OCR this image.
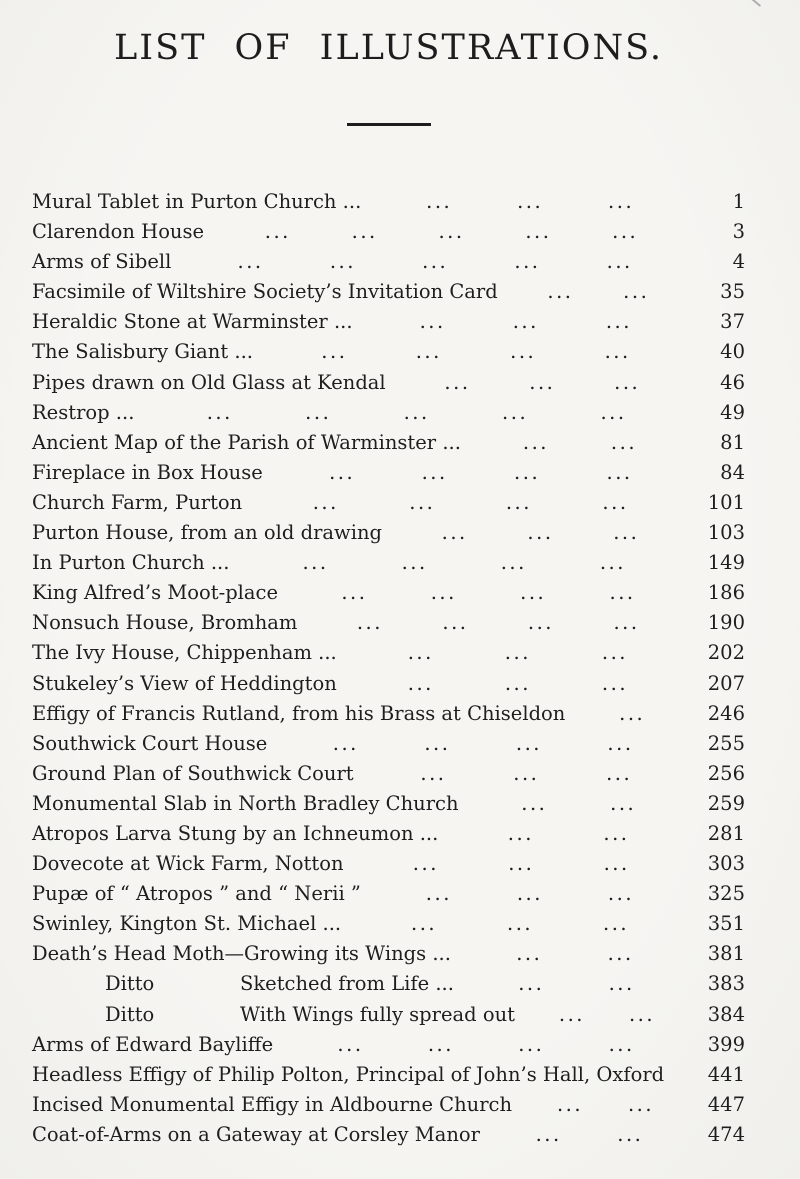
LIST OF ILLUSTRATIONS.
Mural Tablet in Purton Church ...	...	...	...	1
Clarendon House	...	...	...	...	...	3
Arms of Sibell	...	...	...	...	...	4
Facsimile of Wiltshire Society’s Invitation Card	...	...	35
Heraldic Stone at Warminster ...	...	...	...	37
The Salisbury Giant ...	...	...	...	...	40
Pipes drawn on Old Glass at Kendal	...	...	...	46
Restrop ...	...	...	...	...	...	49
Ancient Map of the Parish of Warminster ...	...	...	81
Fireplace in Box House	...	...	...	...	84
Church Farm, Purton	...	...	...	...	101
Purton House, from an old drawing	...	...	...	103
In Purton Church ...	...	...	...	...	149
King Alfred’s Moot-place	...	...	...	...	186
Nonsuch House, Bromham	...	...	...	...	190
The Ivy House, Chippenham ...	...	...	...	202
Stukeley’s View of Heddington	...	...	...	207
Effigy of Francis Rutland, from his Brass at Chiseldon	...	246
Southwick Court House	...	...	...	...	255
Ground Plan of Southwick Court	...	...	...	256
Monumental Slab in North Bradley Church	...	...	259
Atropos Larva Stung by an Ichneumon ...	...	...	281
Dovecote at Wick Farm, Notton	...	...	...	303
Pupæ of “ Atropos ” and “ Nerii ”	...	...	...	325
Swinley, Kington St. Michael ...	...	...	...	351
Death’s Head Moth—Growing its Wings ...	...	...	381
Ditto	Sketched from Life ...	...	...	383
Ditto	With Wings fully spread out ... ...	384
Arms of Edward Bayliffe	...	...	...	...	399
Headless Effigy of Philip Polton, Principal of John’s Hall, Oxford	441
Incised Monumental Effigy in Aldbourne Church ... ...	447
Coat-of-Arms on a Gateway at Corsley Manor	...	...	474
